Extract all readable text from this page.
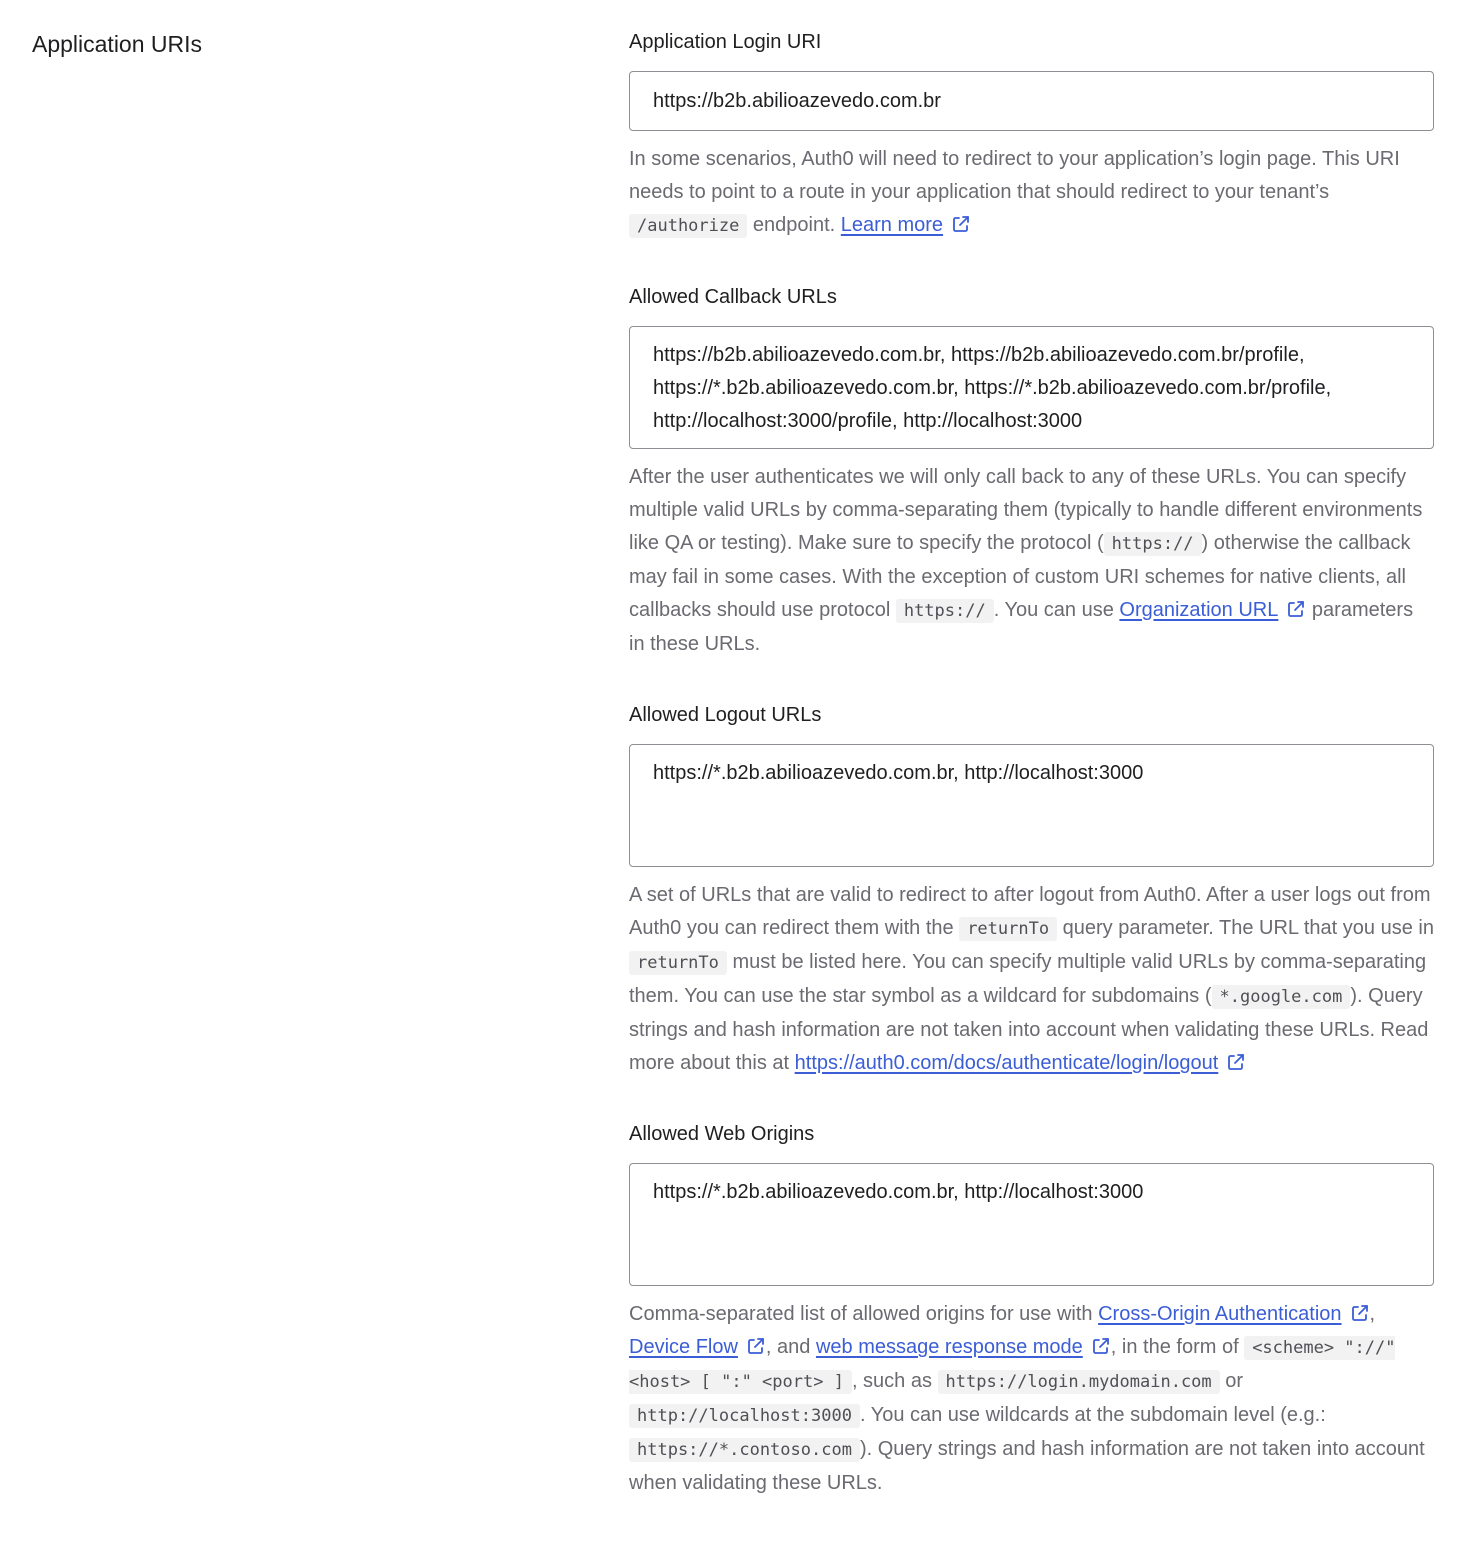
Application URIs	Application Login URI
https://b2b.abilioazevedo.com.br

In some scenarios, Auth0 will need to redirect to your application’s login page. This URI needs to point to a route in your application that should redirect to your tenant’s /authorize endpoint. Learn more

Allowed Callback URLs
https://b2b.abilioazevedo.com.br, https://b2b.abilioazevedo.com.br/profile, https://*.b2b.abilioazevedo.com.br, https://*.b2b.abilioazevedo.com.br/profile, http://localhost:3000/profile, http://localhost:3000

After the user authenticates we will only call back to any of these URLs. You can specify multiple valid URLs by comma-separating them (typically to handle different environments like QA or testing). Make sure to specify the protocol ( https:// ) otherwise the callback may fail in some cases. With the exception of custom URI schemes for native clients, all callbacks should use protocol https:// . You can use Organization URL
parameters in these URLs.

Allowed Logout URLs
https://*.b2b.abilioazevedo.com.br, http://localhost:3000

A set of URLs that are valid to redirect to after logout from Auth0. After a user logs out from Auth0 you can redirect them with the returnTo query parameter. The URL that you use in returnTo must be listed here. You can specify multiple valid URLs by comma-separating them. You can use the star symbol as a wildcard for subdomains ( *.google.com ). Query strings and hash information are not taken into account when validating these URLs. Read more about this at https://auth0.com/docs/authenticate/login/logout

Allowed Web Origins
https://*.b2b.abilioazevedo.com.br, http://localhost:3000

Comma-separated list of allowed origins for use with Cross-Origin Authentication , Device Flow , and web message response mode , in the form of <scheme> "://" <host> [ ":" <port> ] , such as https://login.mydomain.com or http://localhost:3000 . You can use wildcards at the subdomain level (e.g.: https://*.contoso.com ). Query strings and hash information are not taken into account when validating these URLs.
